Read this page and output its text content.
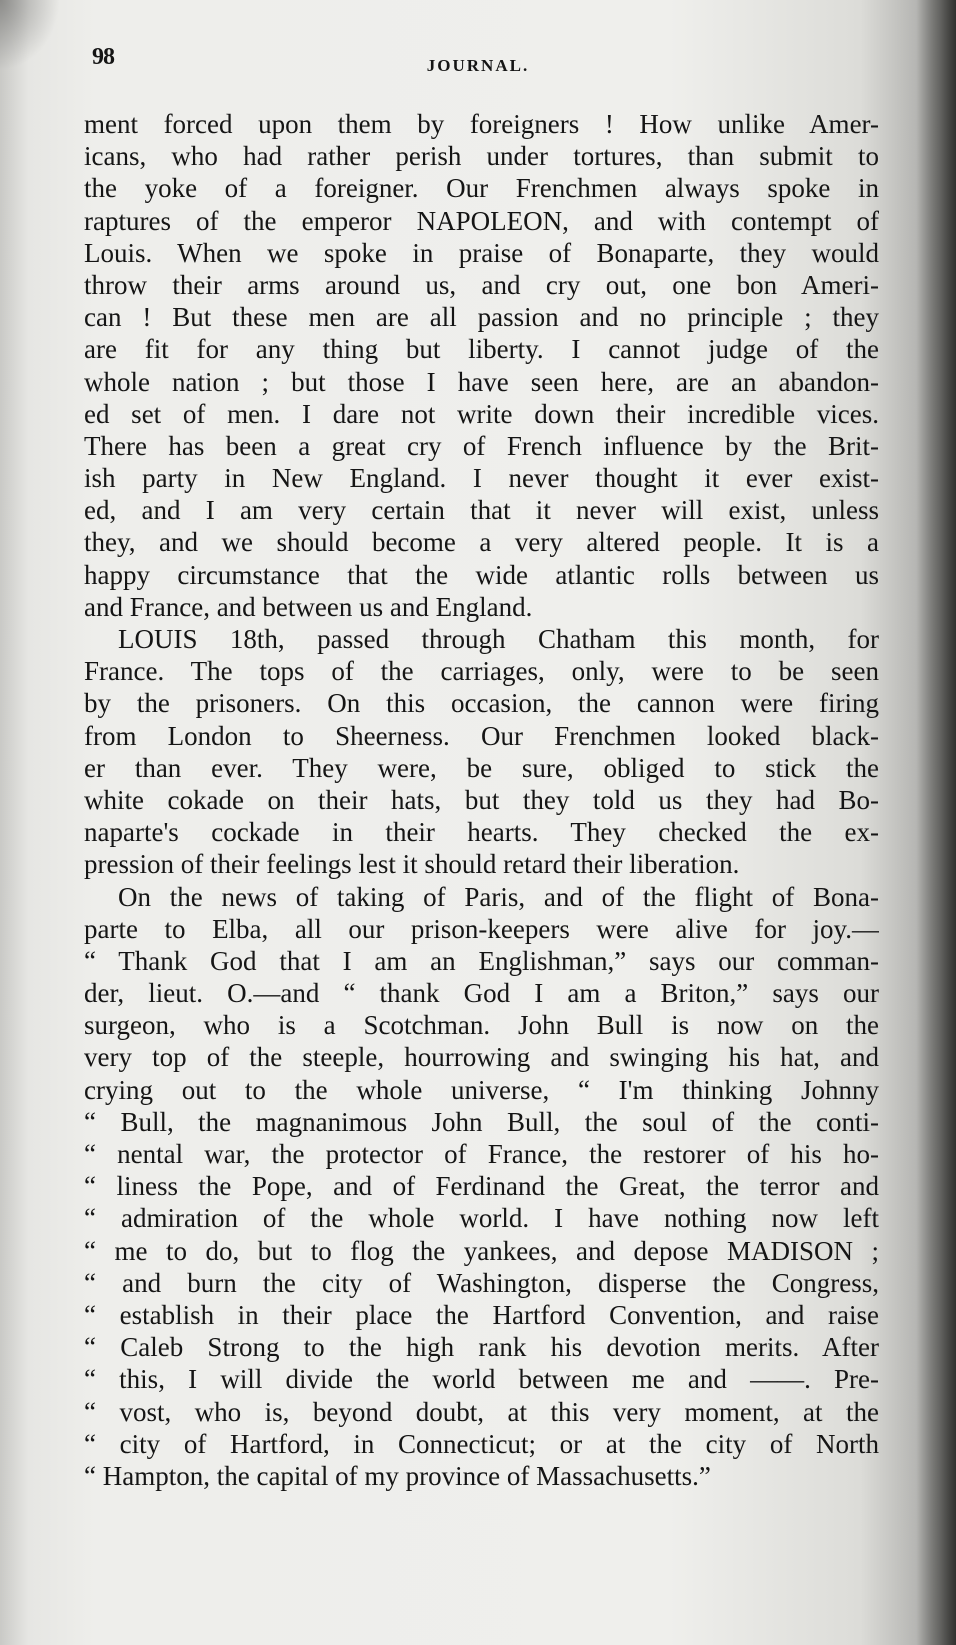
98	JOURNAL.
ment forced upon them by foreigners ! How unlike Amer-
icans, who had rather perish under tortures, than submit to
the yoke of a foreigner. Our Frenchmen always spoke in
raptures of the emperor NAPOLEON, and with contempt of
Louis. When we spoke in praise of Bonaparte, they would
throw their arms around us, and cry out, one bon Ameri-
can ! But these men are all passion and no principle ; they
are fit for any thing but liberty. I cannot judge of the
whole nation ; but those I have seen here, are an abandon-
ed set of men. I dare not write down their incredible vices.
There has been a great cry of French influence by the Brit-
ish party in New England. I never thought it ever exist-
ed, and I am very certain that it never will exist, unless
they, and we should become a very altered people. It is a
happy circumstance that the wide atlantic rolls between us
and France, and between us and England.
LOUIS 18th, passed through Chatham this month, for
France. The tops of the carriages, only, were to be seen
by the prisoners. On this occasion, the cannon were firing
from London to Sheerness. Our Frenchmen looked black-
er than ever. They were, be sure, obliged to stick the
white cokade on their hats, but they told us they had Bo-
naparte's cockade in their hearts. They checked the ex-
pression of their feelings lest it should retard their liberation.
On the news of taking of Paris, and of the flight of Bona-
parte to Elba, all our prison-keepers were alive for joy.—
“ Thank God that I am an Englishman,” says our comman-
der, lieut. O.—and “ thank God I am a Briton,” says our
surgeon, who is a Scotchman. John Bull is now on the
very top of the steeple, hourrowing and swinging his hat, and
crying out to the whole universe, “ I'm thinking Johnny
“ Bull, the magnanimous John Bull, the soul of the conti-
“ nental war, the protector of France, the restorer of his ho-
“ liness the Pope, and of Ferdinand the Great, the terror and
“ admiration of the whole world. I have nothing now left
“ me to do, but to flog the yankees, and depose MADISON ;
“ and burn the city of Washington, disperse the Congress,
“ establish in their place the Hartford Convention, and raise
“ Caleb Strong to the high rank his devotion merits. After
“ this, I will divide the world between me and ——. Pre-
“ vost, who is, beyond doubt, at this very moment, at the
“ city of Hartford, in Connecticut; or at the city of North
“ Hampton, the capital of my province of Massachusetts.”
